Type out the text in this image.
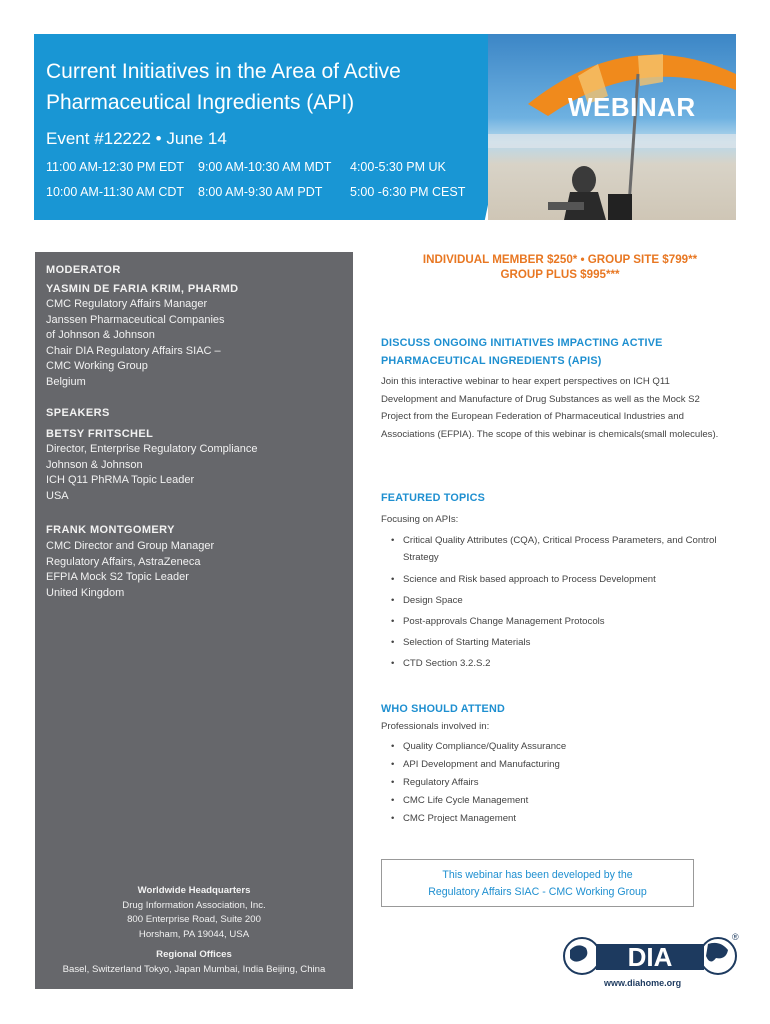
Current Initiatives in the Area of Active
Pharmaceutical Ingredients (API)
Event #12222 • June 14
11:00 AM-12:30 PM EDT	9:00 AM-10:30 AM MDT	4:00-5:30 PM UK
10:00 AM-11:30 AM CDT	8:00 AM-9:30 AM PDT	5:00 -6:30 PM CEST
WEBINAR
MODERATOR
YASMIN DE FARIA KRIM, PHARMD
CMC Regulatory Affairs Manager
Janssen Pharmaceutical Companies
of Johnson & Johnson
Chair DIA Regulatory Affairs SIAC –
CMC Working Group
Belgium
SPEAKERS
BETSY FRITSCHEL
Director, Enterprise Regulatory Compliance
Johnson & Johnson
ICH Q11 PhRMA Topic Leader
USA
FRANK MONTGOMERY
CMC Director and Group Manager
Regulatory Affairs, AstraZeneca
EFPIA Mock S2 Topic Leader
United Kingdom
Worldwide Headquarters
Drug Information Association, Inc.
800 Enterprise Road, Suite 200
Horsham, PA 19044, USA
Regional Offices
Basel, Switzerland Tokyo, Japan Mumbai, India Beijing, China
INDIVIDUAL MEMBER $250* • GROUP SITE $799**
GROUP PLUS $995***
DISCUSS ONGOING INITIATIVES IMPACTING ACTIVE
PHARMACEUTICAL INGREDIENTS (APIS)
Join this interactive webinar to hear expert perspectives on ICH Q11 Development and Manufacture of Drug Substances as well as the Mock S2 Project from the European Federation of Pharmaceutical Industries and Associations (EFPIA). The scope of this webinar is chemicals(small molecules).
FEATURED TOPICS
Focusing on APIs:
• Critical Quality Attributes (CQA), Critical Process Parameters, and Control Strategy
• Science and Risk based approach to Process Development
• Design Space
• Post-approvals Change Management Protocols
• Selection of Starting Materials
• CTD Section 3.2.S.2
WHO SHOULD ATTEND
Professionals involved in:
• Quality Compliance/Quality Assurance
• API Development and Manufacturing
• Regulatory Affairs
• CMC Life Cycle Management
• CMC Project Management
This webinar has been developed by the
Regulatory Affairs SIAC - CMC Working Group
DIA
®
www.diahome.org
